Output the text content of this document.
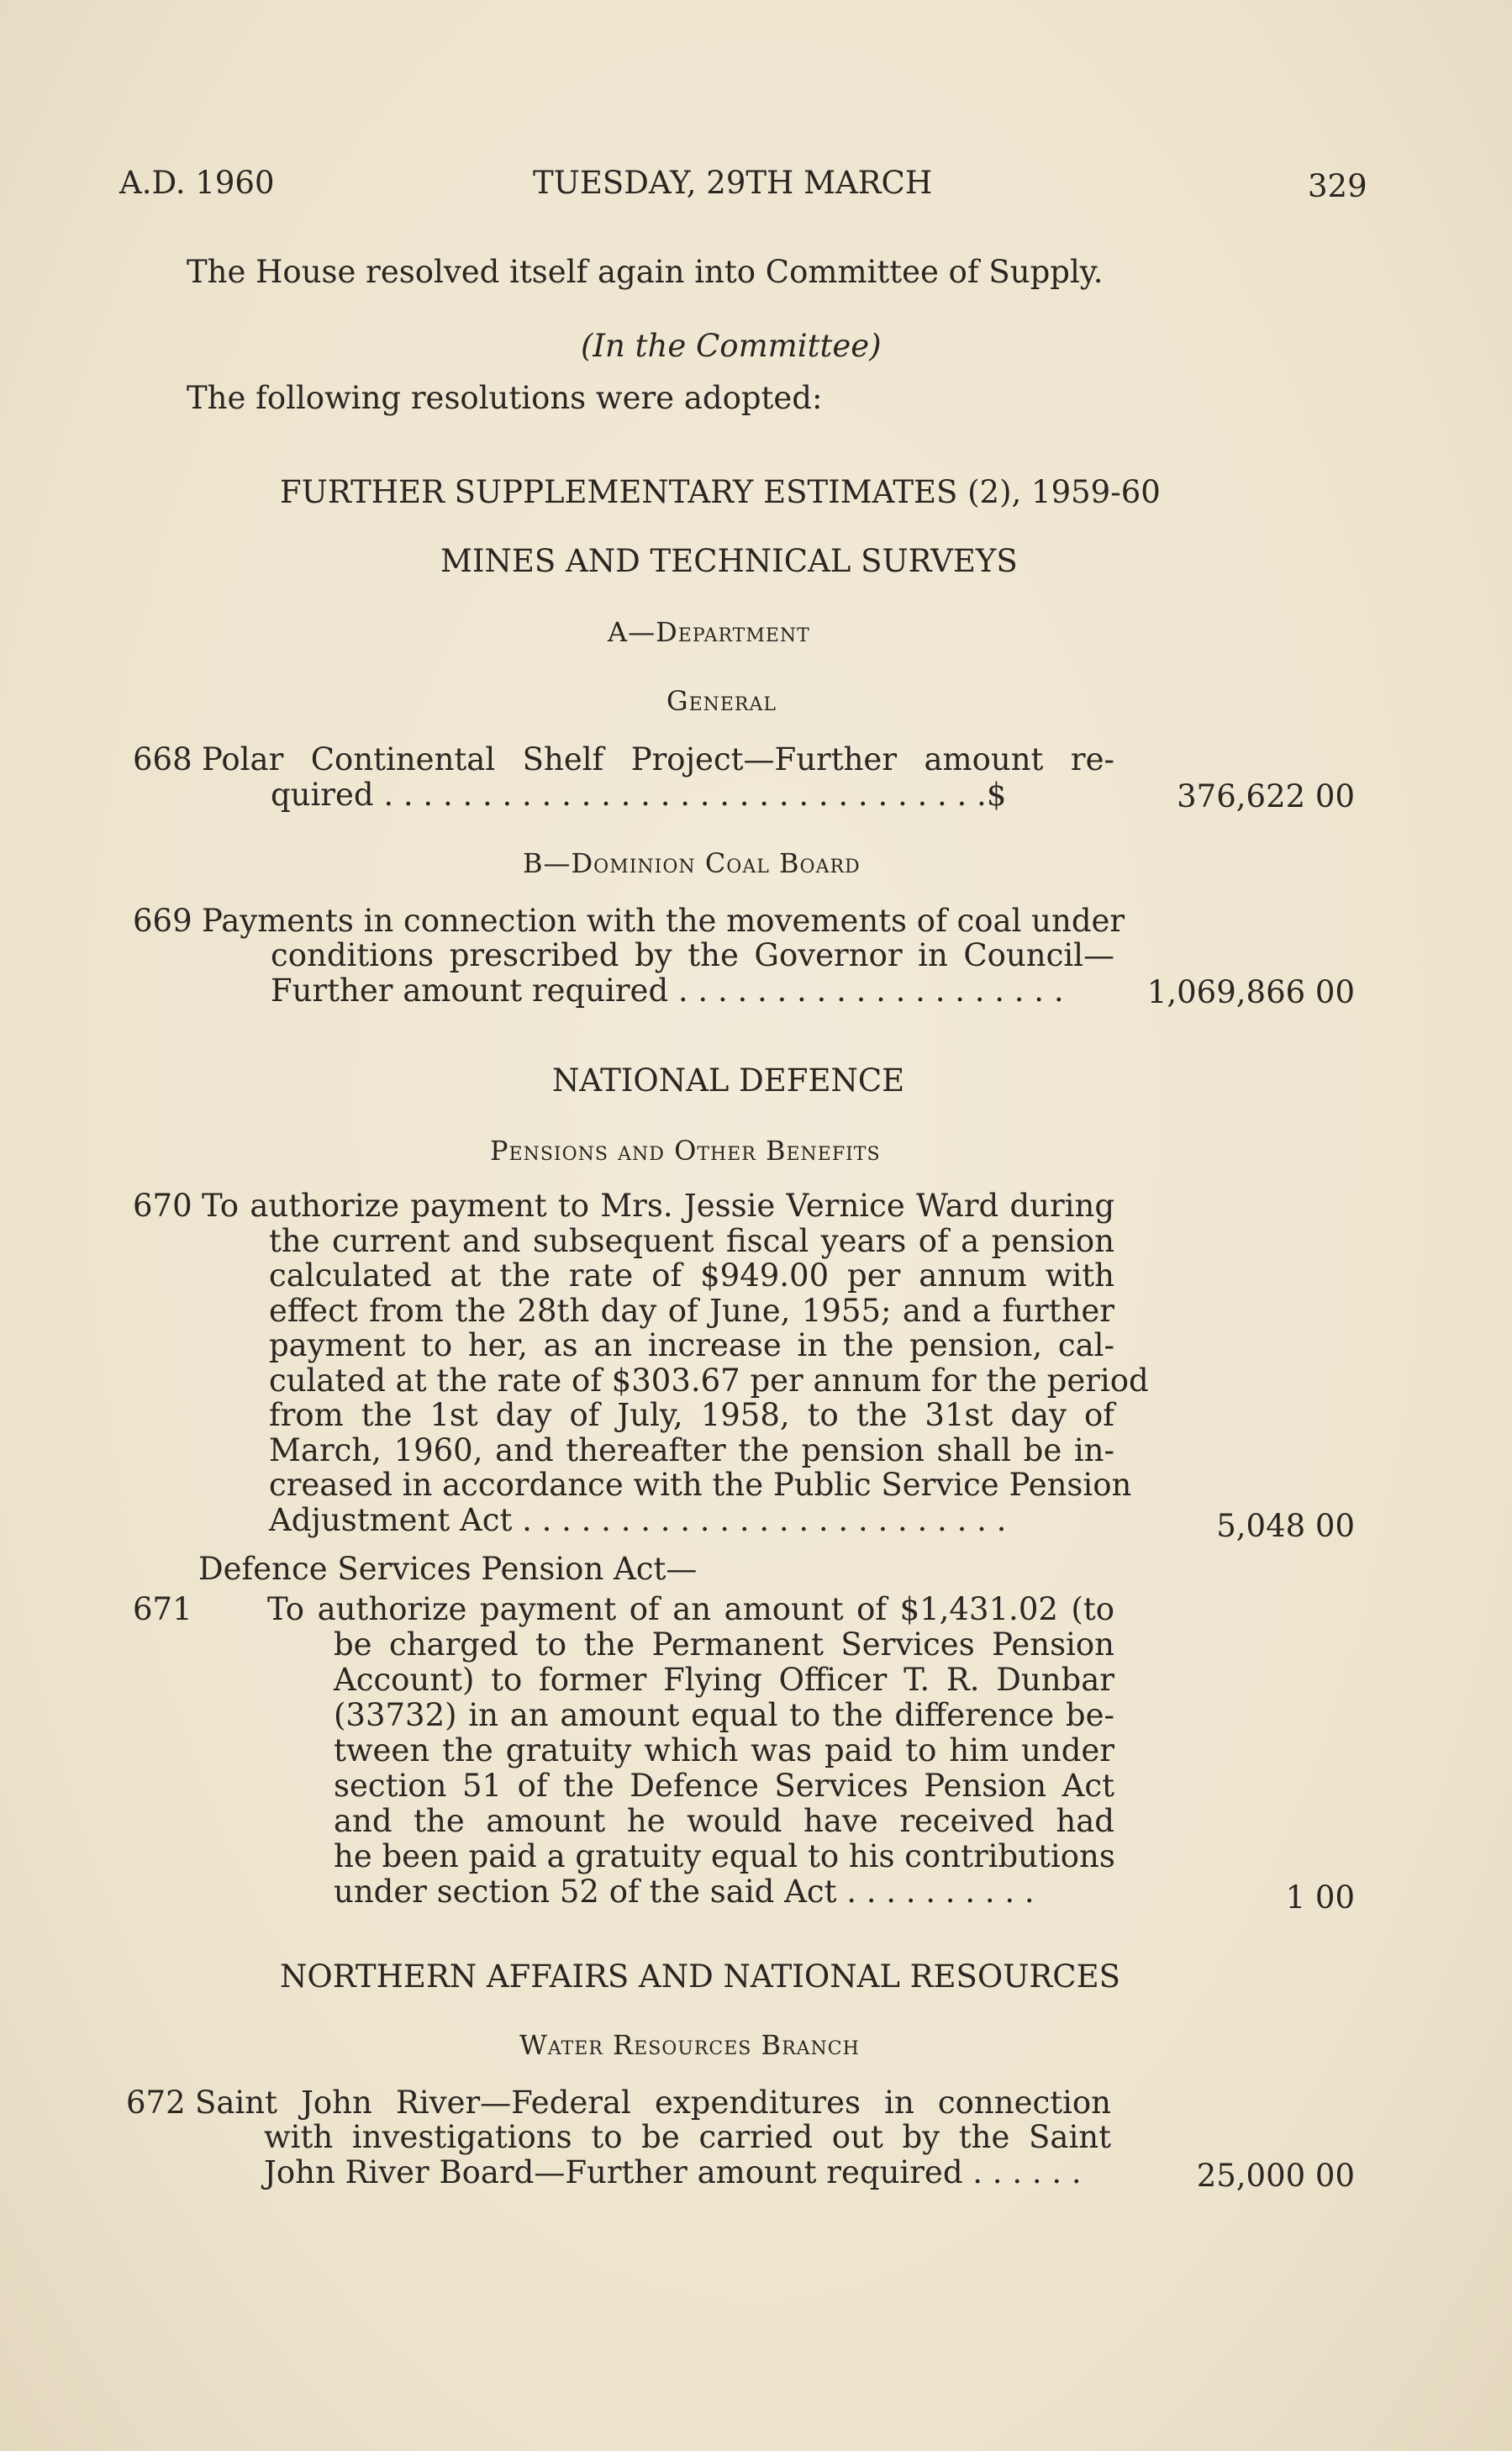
A.D. 1960	TUESDAY, 29TH MARCH	329
The House resolved itself again into Committee of Supply.
(In the Committee)
The following resolutions were adopted:
FURTHER SUPPLEMENTARY ESTIMATES (2), 1959-60
MINES AND TECHNICAL SURVEYS
A—Department
General
668 Polar Continental Shelf Project—Further amount re-
quired . . . . . . . . . . . . . . . . . . . . . . . . . . . . . . .$	376,622 00
B—Dominion Coal Board
669 Payments in connection with the movements of coal under
conditions prescribed by the Governor in Council—
Further amount required . . . . . . . . . . . . . . . . . . . .	1,069,866 00
NATIONAL DEFENCE
Pensions and Other Benefits
670 To authorize payment to Mrs. Jessie Vernice Ward during
the current and subsequent fiscal years of a pension
calculated at the rate of $949.00 per annum with
effect from the 28th day of June, 1955; and a further
payment to her, as an increase in the pension, cal-
culated at the rate of $303.67 per annum for the period
from the 1st day of July, 1958, to the 31st day of
March, 1960, and thereafter the pension shall be in-
creased in accordance with the Public Service Pension
Adjustment Act . . . . . . . . . . . . . . . . . . . . . . . . .	5,048 00
Defence Services Pension Act—
671 To authorize payment of an amount of $1,431.02 (to
be charged to the Permanent Services Pension
Account) to former Flying Officer T. R. Dunbar
(33732) in an amount equal to the difference be-
tween the gratuity which was paid to him under
section 51 of the Defence Services Pension Act
and the amount he would have received had
he been paid a gratuity equal to his contributions
under section 52 of the said Act . . . . . . . . . .	1 00
NORTHERN AFFAIRS AND NATIONAL RESOURCES
Water Resources Branch
672 Saint John River—Federal expenditures in connection
with investigations to be carried out by the Saint
John River Board—Further amount required . . . . . .	25,000 00
